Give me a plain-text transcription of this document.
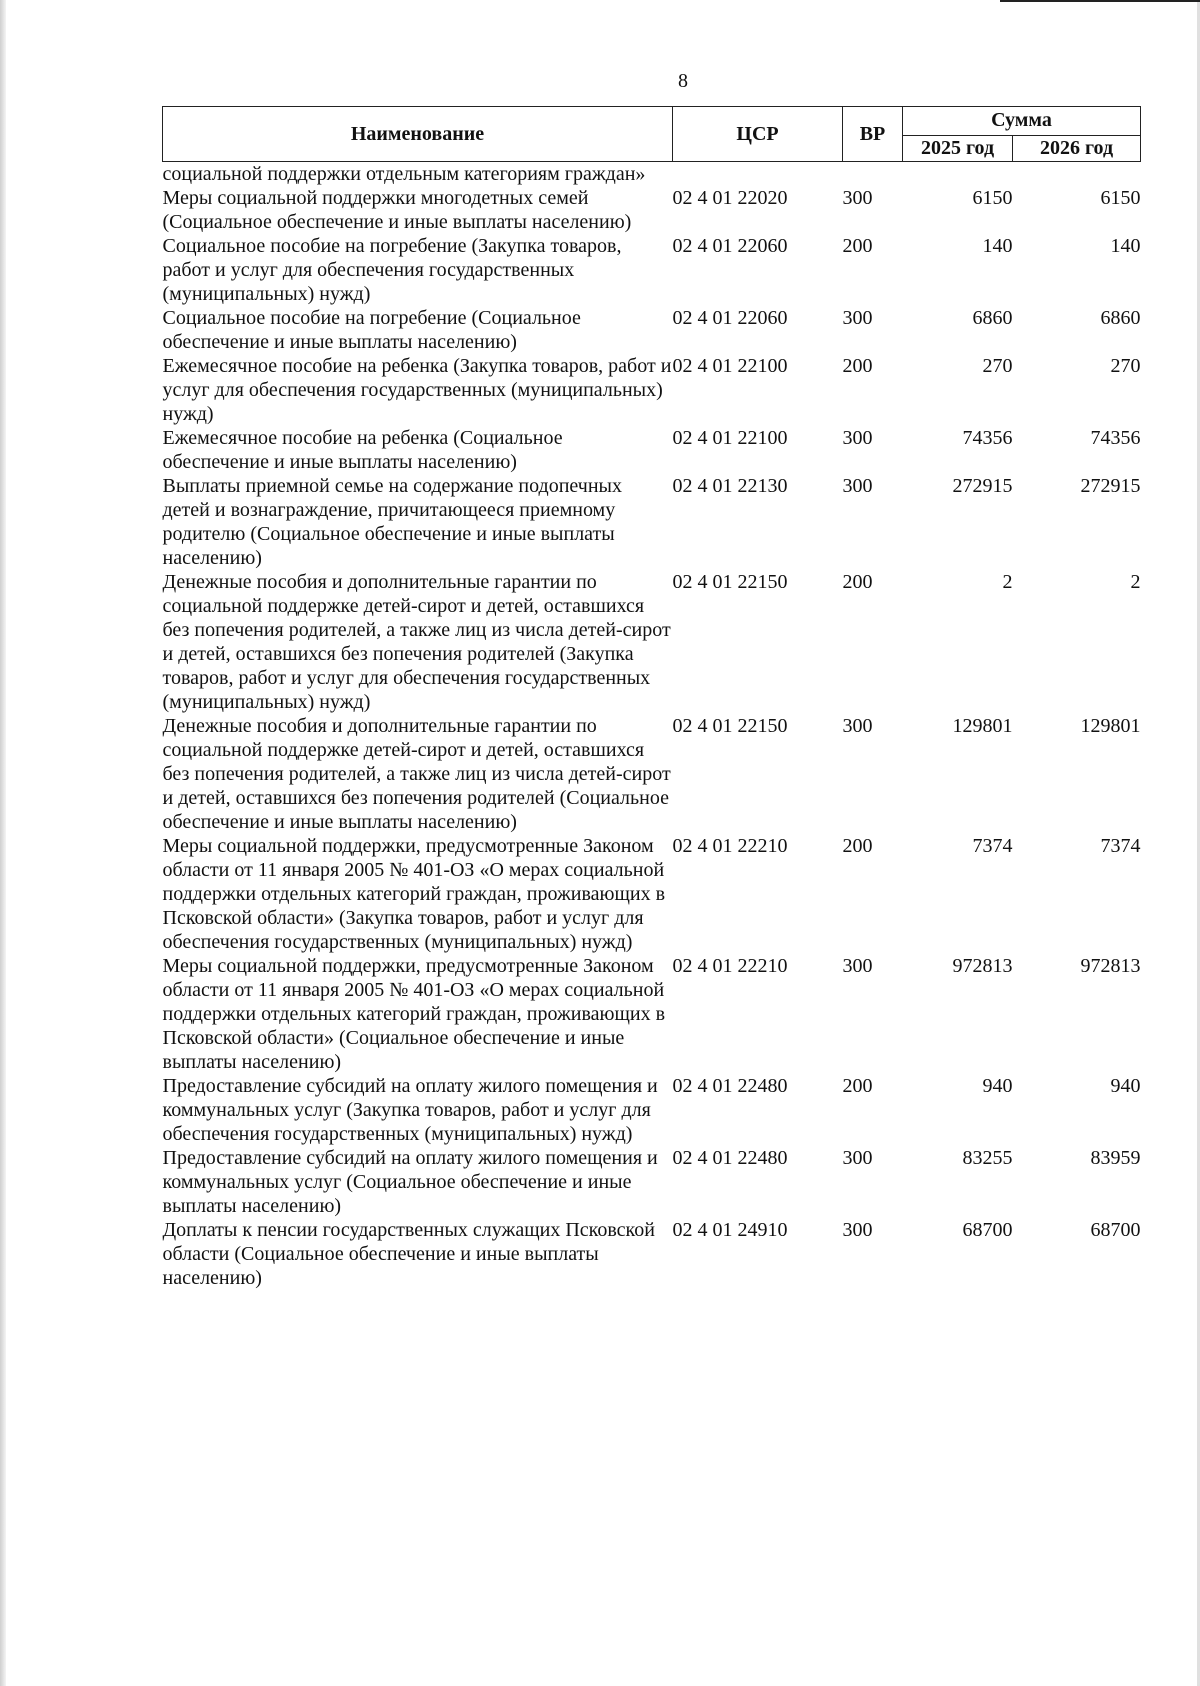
8
Наименование	ЦСР	ВР	Сумма	
			2025 год	2026 год
социальной поддержки отдельным категориям граждан»				
Меры социальной поддержки многодетных семей (Социальное обеспечение и иные выплаты населению)	02 4 01 22020	300	6150	6150
Социальное пособие на погребение (Закупка товаров, работ и услуг для обеспечения государственных (муниципальных) нужд)	02 4 01 22060	200	140	140
Социальное пособие на погребение (Социальное обеспечение и иные выплаты населению)	02 4 01 22060	300	6860	6860
Ежемесячное пособие на ребенка (Закупка товаров, работ и услуг для обеспечения государственных (муниципальных) нужд)	02 4 01 22100	200	270	270
Ежемесячное пособие на ребенка (Социальное обеспечение и иные выплаты населению)	02 4 01 22100	300	74356	74356
Выплаты приемной семье на содержание подопечных детей и вознаграждение, причитающееся приемному родителю (Социальное обеспечение и иные выплаты населению)	02 4 01 22130	300	272915	272915
Денежные пособия и дополнительные гарантии по социальной поддержке детей-сирот и детей, оставшихся без попечения родителей, а также лиц из числа детей-сирот и детей, оставшихся без попечения родителей (Закупка товаров, работ и услуг для обеспечения государственных (муниципальных) нужд)	02 4 01 22150	200	2	2
Денежные пособия и дополнительные гарантии по социальной поддержке детей-сирот и детей, оставшихся без попечения родителей, а также лиц из числа детей-сирот и детей, оставшихся без попечения родителей (Социальное обеспечение и иные выплаты населению)	02 4 01 22150	300	129801	129801
Меры социальной поддержки, предусмотренные Законом области от 11 января 2005 № 401-ОЗ «О мерах социальной поддержки отдельных категорий граждан, проживающих в Псковской области» (Закупка товаров, работ и услуг для обеспечения государственных (муниципальных) нужд)	02 4 01 22210	200	7374	7374
Меры социальной поддержки, предусмотренные Законом области от 11 января 2005 № 401-ОЗ «О мерах социальной поддержки отдельных категорий граждан, проживающих в Псковской области» (Социальное обеспечение и иные выплаты населению)	02 4 01 22210	300	972813	972813
Предоставление субсидий на оплату жилого помещения и коммунальных услуг (Закупка товаров, работ и услуг для обеспечения государственных (муниципальных) нужд)	02 4 01 22480	200	940	940
Предоставление субсидий на оплату жилого помещения и коммунальных услуг (Социальное обеспечение и иные выплаты населению)	02 4 01 22480	300	83255	83959
Доплаты к пенсии государственных служащих Псковской области (Социальное обеспечение и иные выплаты населению)	02 4 01 24910	300	68700	68700
